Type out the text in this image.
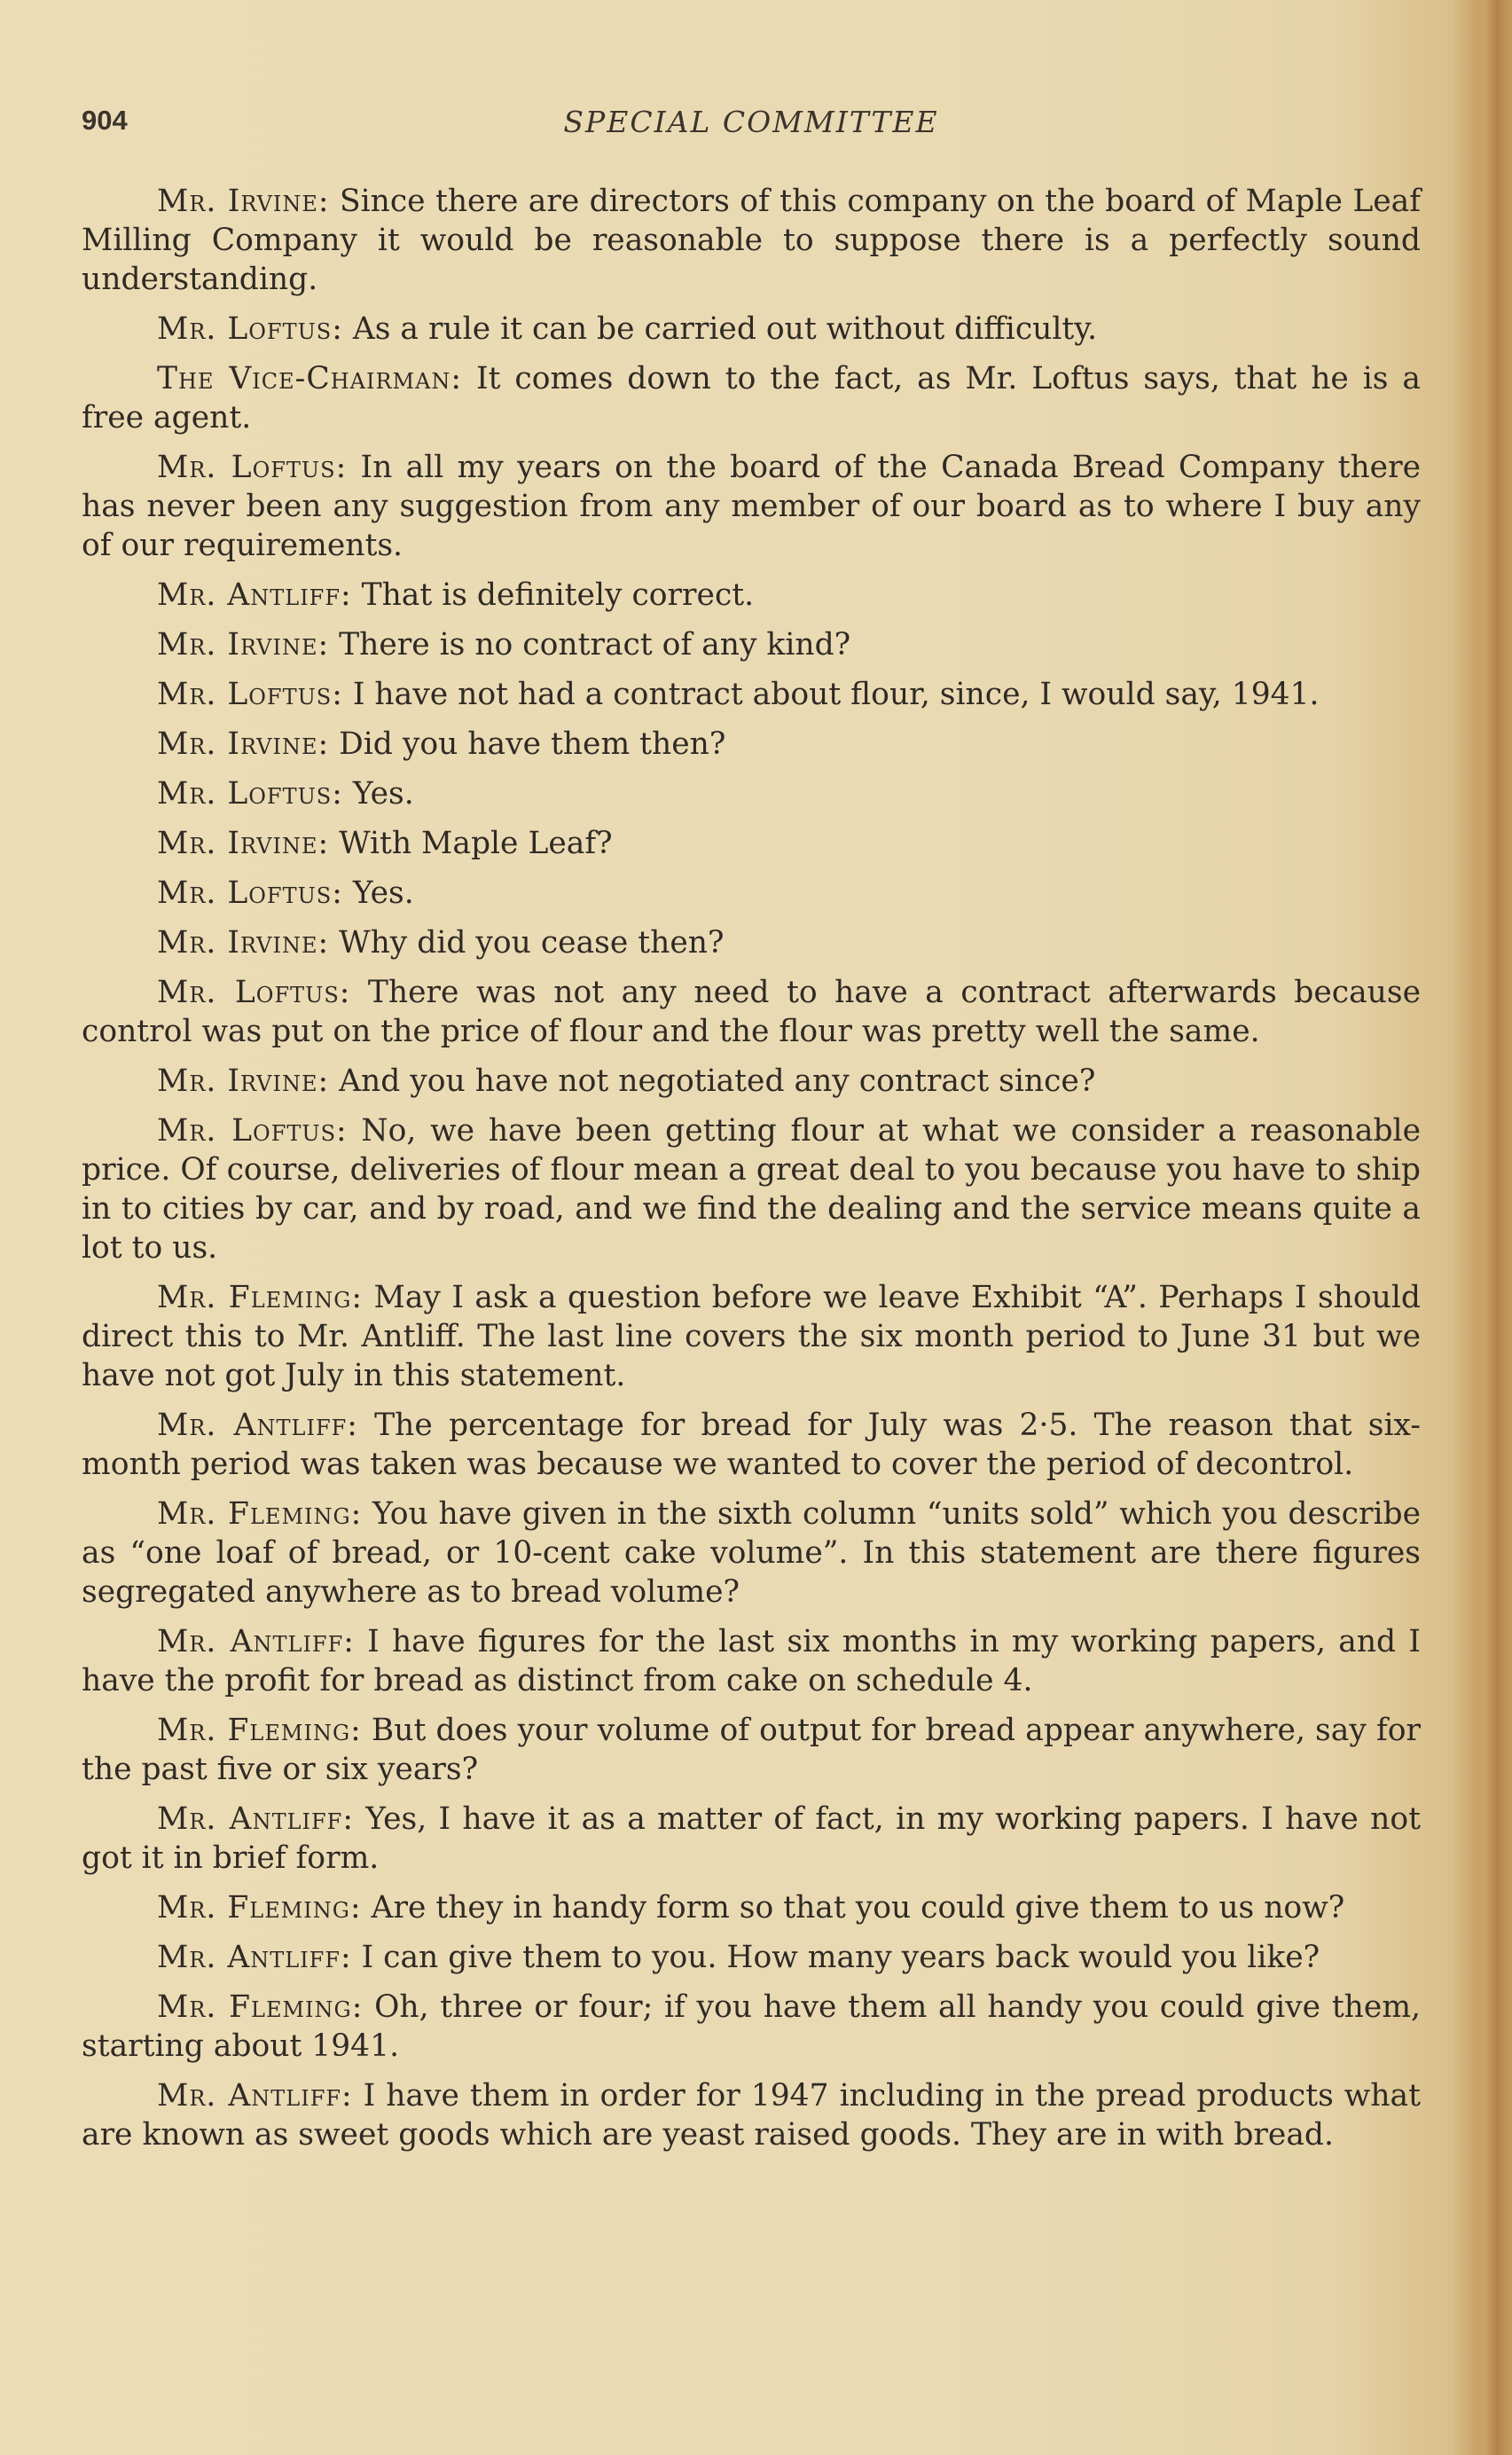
904	SPECIAL COMMITTEE

Mr. Irvine: Since there are directors of this company on the board of Maple Leaf Milling Company it would be reasonable to suppose there is a perfectly sound understanding.

Mr. Loftus: As a rule it can be carried out without difficulty.

The Vice-Chairman: It comes down to the fact, as Mr. Loftus says, that he is a free agent.

Mr. Loftus: In all my years on the board of the Canada Bread Company there has never been any suggestion from any member of our board as to where I buy any of our requirements.

Mr. Antliff: That is definitely correct.

Mr. Irvine: There is no contract of any kind?

Mr. Loftus: I have not had a contract about flour, since, I would say, 1941.

Mr. Irvine: Did you have them then?

Mr. Loftus: Yes.

Mr. Irvine: With Maple Leaf?

Mr. Loftus: Yes.

Mr. Irvine: Why did you cease then?

Mr. Loftus: There was not any need to have a contract afterwards because control was put on the price of flour and the flour was pretty well the same.

Mr. Irvine: And you have not negotiated any contract since?

Mr. Loftus: No, we have been getting flour at what we consider a reasonable price. Of course, deliveries of flour mean a great deal to you because you have to ship in to cities by car, and by road, and we find the dealing and the service means quite a lot to us.

Mr. Fleming: May I ask a question before we leave Exhibit “A”. Perhaps I should direct this to Mr. Antliff. The last line covers the six month period to June 31 but we have not got July in this statement.

Mr. Antliff: The percentage for bread for July was 2·5. The reason that six-month period was taken was because we wanted to cover the period of decontrol.

Mr. Fleming: You have given in the sixth column “units sold” which you describe as “one loaf of bread, or 10-cent cake volume”. In this statement are there figures segregated anywhere as to bread volume?

Mr. Antliff: I have figures for the last six months in my working papers, and I have the profit for bread as distinct from cake on schedule 4.

Mr. Fleming: But does your volume of output for bread appear anywhere, say for the past five or six years?

Mr. Antliff: Yes, I have it as a matter of fact, in my working papers. I have not got it in brief form.

Mr. Fleming: Are they in handy form so that you could give them to us now?

Mr. Antliff: I can give them to you. How many years back would you like?

Mr. Fleming: Oh, three or four; if you have them all handy you could give them, starting about 1941.

Mr. Antliff: I have them in order for 1947 including in the pread products what are known as sweet goods which are yeast raised goods. They are in with bread.
